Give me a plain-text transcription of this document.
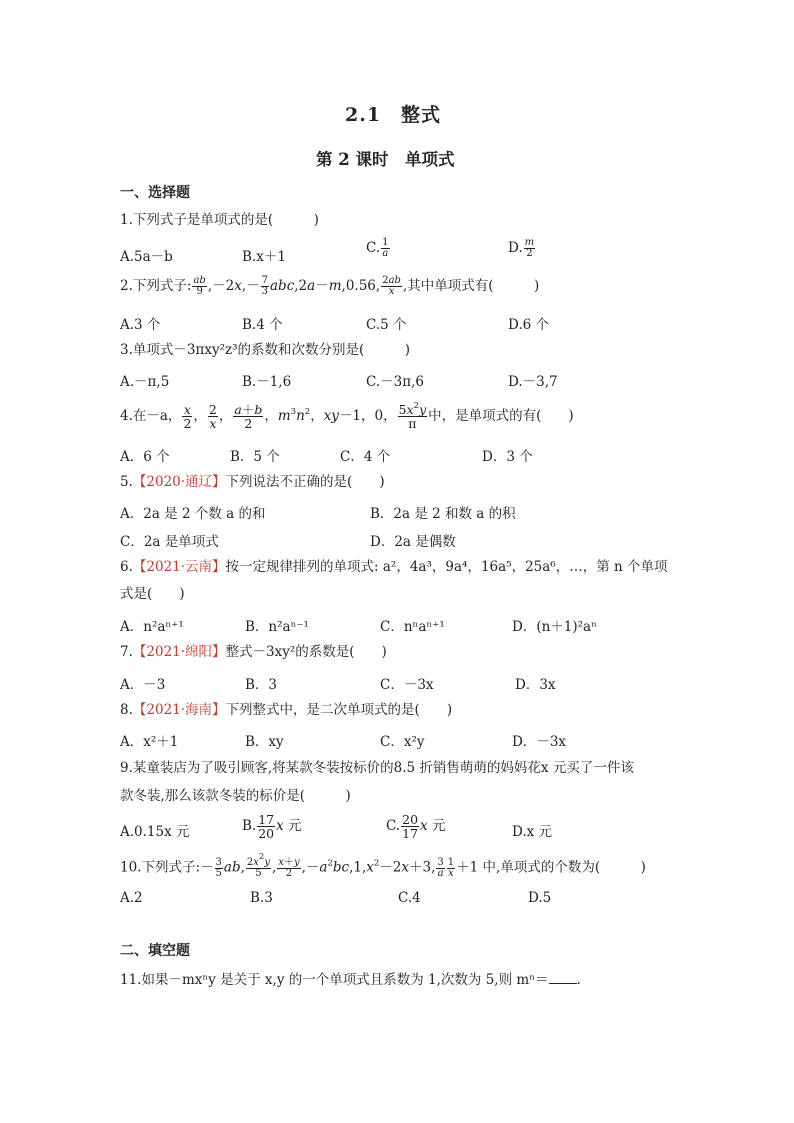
2.1　整式
第 2 课时　单项式
一、选择题
1.下列式子是单项式的是(　　　)
A.5a－b	B.x＋1
C. $\frac{1}{a}$	D. $\frac{m}{2}$
2.下列式子: $\frac{ab}{9} ,-2x,- \frac{7}{3} abc,2a-m,0.56$, $\frac{2ab}{x}$ ,其中单项式有(　　　)
A.3 个	B.4 个	C.5 个	D.6 个
3.单项式－3πxy²z³的系数和次数分别是(　　　)
A.－π,5	B.－1,6	C.－3π,6	D.－3,7
4.在－a， $\frac{x}{2}$ ， $\frac{2}{x}$ ， $\frac{a+b}{2}$ ，$m^3n^2$，xy－1，0， $\frac{5x^2y}{\pi}$ 中，是单项式的有(　　)
A．6 个	B．5 个	C．4 个	D．3 个
5.【2020·通辽】下列说法不正确的是(　　)
A．2a 是 2 个数 a 的和	B．2a 是 2 和数 a 的积
C．2a 是单项式	D．2a 是偶数
6.【2021·云南】按一定规律排列的单项式: a²，4a³，9a⁴，16a⁵，25a⁶，…，第 n 个单项
式是(　　)
A．n²aⁿ⁺¹	B．n²aⁿ⁻¹	C．nⁿaⁿ⁺¹	D．(n＋1)²aⁿ
7.【2021·绵阳】整式－3xy²的系数是(　　)
A．－3	B．3	C．－3x	D．3x
8.【2021·海南】下列整式中，是二次单项式的是(　　)
A．x²＋1	B．xy	C．x²y	D．－3x
9.某童装店为了吸引顾客,将某款冬装按标价的8.5 折销售萌萌的妈妈花x 元买了一件该
款冬装,那么该款冬装的标价是(　　　)
A.0.15x 元	B. $\frac{17}{20}$ x 元	C. $\frac{20}{17}$ x 元	D.x 元
10.下列式子:－ $\frac{3}{5}$ ab, $\frac{2x^2y}{5}$ , $\frac{x+y}{2} ,-a^2bc,1,x^2-2x+3$, $\frac{3}{a} \frac{1}{x} +1$ 中,单项式的个数为(　　　)
A.2	B.3	C.4	D.5
二、填空题
11.如果－mxⁿy 是关于 x,y 的一个单项式且系数为 1,次数为 5,则 mⁿ＝ .
